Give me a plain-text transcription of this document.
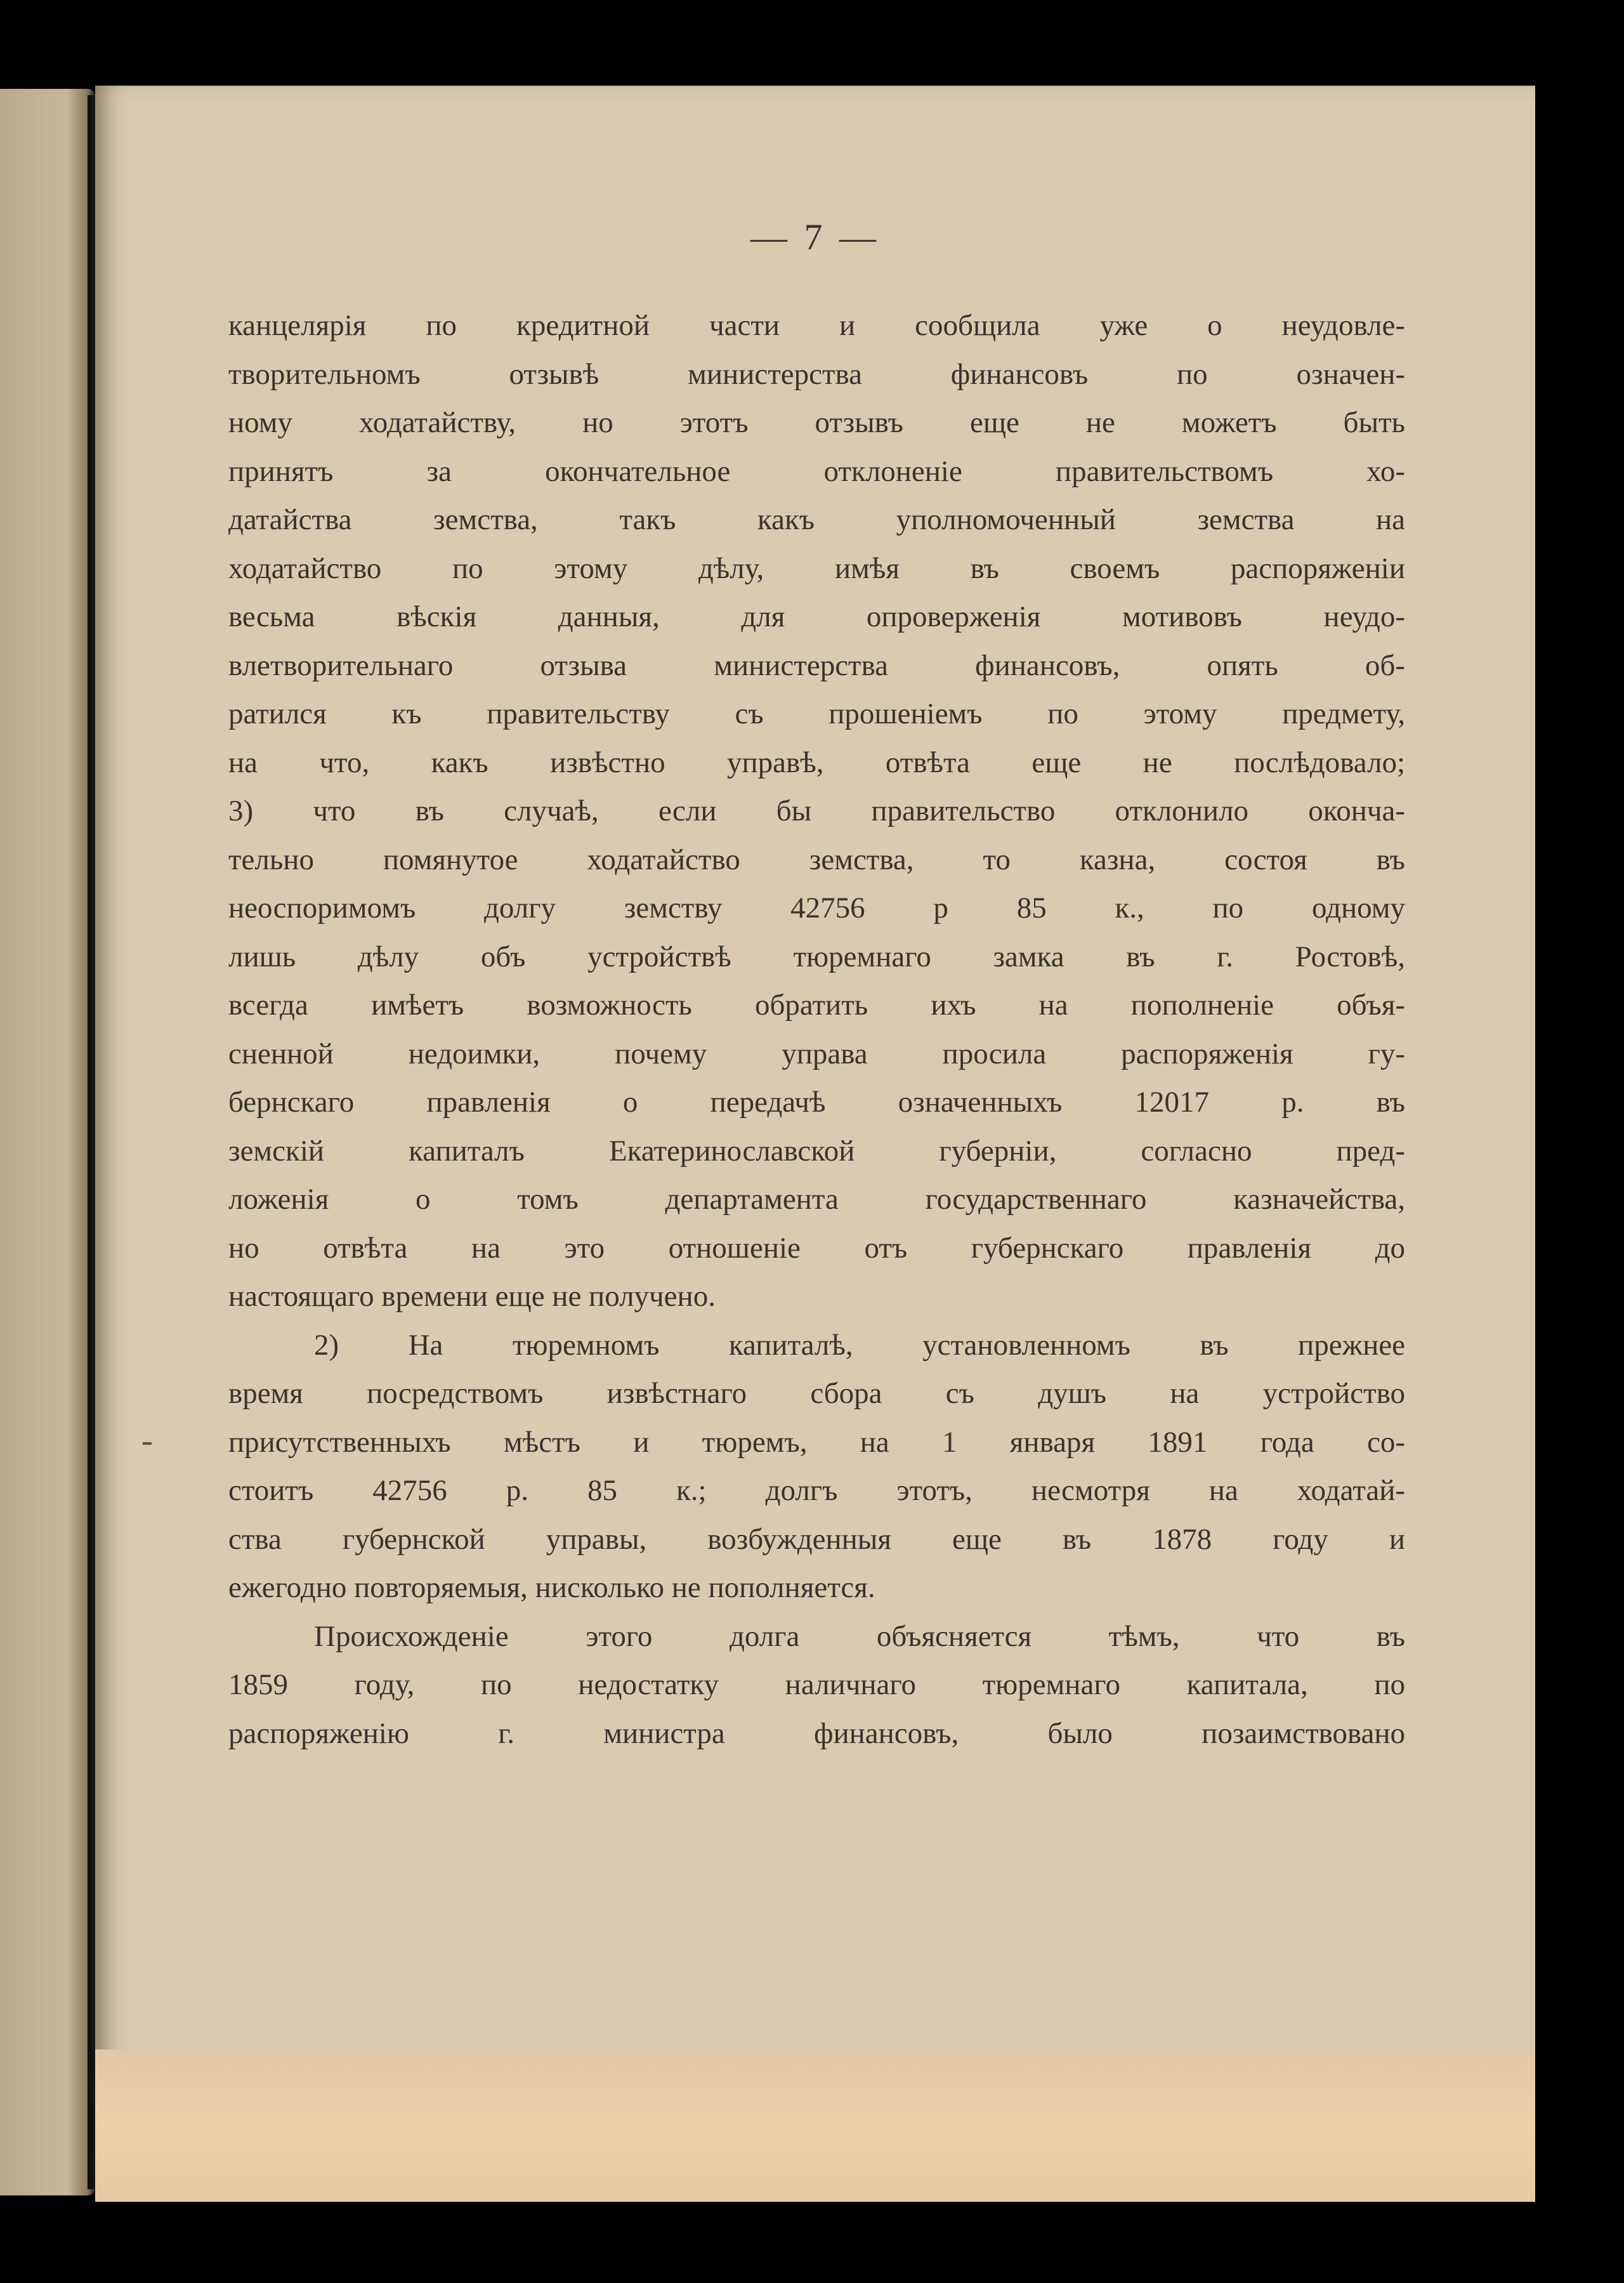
— 7 —
канцелярія по кредитной части и сообщила уже о неудовле-
творительномъ отзывѣ министерства финансовъ по означен-
ному ходатайству, но этотъ отзывъ еще не можетъ быть
принятъ за окончательное отклоненіе правительствомъ хо-
датайства земства, такъ какъ уполномоченный земства на
ходатайство по этому дѣлу, имѣя въ своемъ распоряженіи
весьма вѣскія данныя, для опроверженія мотивовъ неудо-
влетворительнаго отзыва министерства финансовъ, опять об-
ратился къ правительству съ прошеніемъ по этому предмету,
на что, какъ извѣстно управѣ, отвѣта еще не послѣдовало;
3) что въ случаѣ, если бы правительство отклонило оконча-
тельно помянутое ходатайство земства, то казна, состоя въ
неоспоримомъ долгу земству 42756 р 85 к., по одному
лишь дѣлу объ устройствѣ тюремнаго замка въ г. Ростовѣ,
всегда имѣетъ возможность обратить ихъ на пополненіе объя-
сненной недоимки, почему управа просила распоряженія гу-
бернскаго правленія о передачѣ означенныхъ 12017 р. въ
земскій капиталъ Екатеринославской губерніи, согласно пред-
ложенія о томъ департамента государственнаго казначейства,
но отвѣта на это отношеніе отъ губернскаго правленія до
настоящаго времени еще не получено.
2) На тюремномъ капиталѣ, установленномъ въ прежнее
время посредствомъ извѣстнаго сбора съ душъ на устройство
присутственныхъ мѣстъ и тюремъ, на 1 января 1891 года со-
стоитъ 42756 р. 85 к.; долгъ этотъ, несмотря на ходатай-
ства губернской управы, возбужденныя еще въ 1878 году и
ежегодно повторяемыя, нисколько не пополняется.
Происхожденіе этого долга объясняется тѣмъ, что въ
1859 году, по недостатку наличнаго тюремнаго капитала, по
распоряженію г. министра финансовъ, было позаимствовано
